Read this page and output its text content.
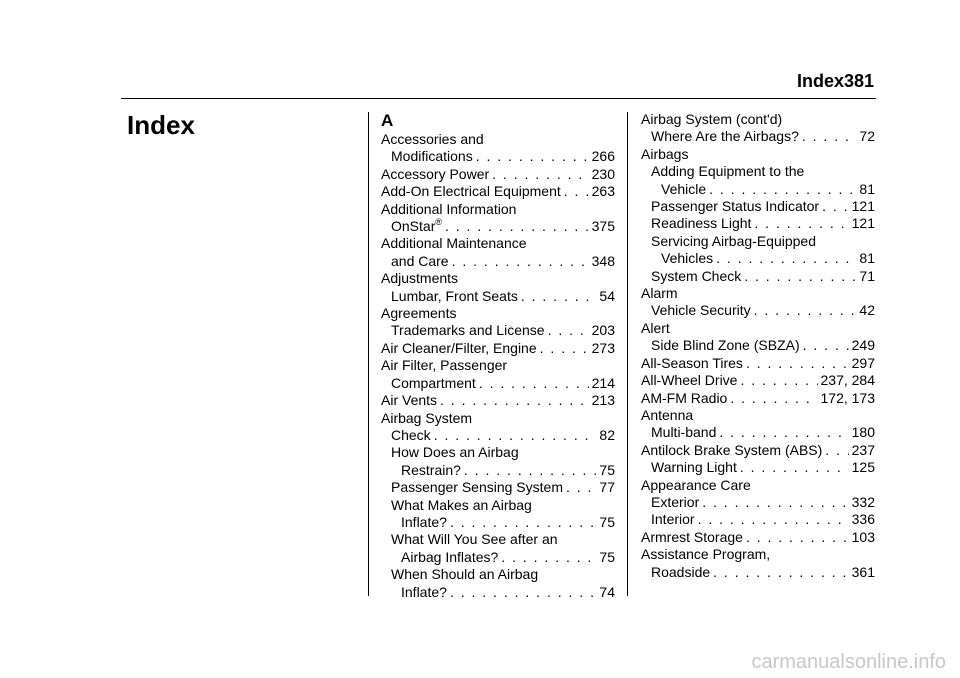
Index 381
Index	A
Accessories and
Modifications . . .	266
Accessory Power . . .	230
Add-On Electrical Equipment . . . 263
Additional Information
OnStar® . . .	375
Additional Maintenance
and Care . . .	348
Adjustments
Lumbar, Front Seats . . .	54
Agreements
Trademarks and License . . .	203
Air Cleaner/Filter, Engine . . .	273
Air Filter, Passenger
Compartment . . .	214
Air Vents . . .	213
Airbag System
Check . . .	82
How Does an Airbag
Restrain? . . .	75
Passenger Sensing System . . .	77
What Makes an Airbag
Inflate? . . .	75
What Will You See after an
Airbag Inflates? . . .	75
When Should an Airbag
Inflate? . . .	74
Airbag System (cont'd)
Where Are the Airbags? . . .	72
Airbags
Adding Equipment to the
Vehicle . . .	81
Passenger Status Indicator . . . 121
Readiness Light . . .	121
Servicing Airbag-Equipped
Vehicles . . .	81
System Check . . .	71
Alarm
Vehicle Security . . .	42
Alert
Side Blind Zone (SBZA) . . .	249
All-Season Tires . . .	297
All-Wheel Drive . . .	237, 284
AM-FM Radio . . .	172, 173
Antenna
Multi-band . . .	180
Antilock Brake System (ABS) . . . 237
Warning Light . . .	125
Appearance Care
Exterior . . .	332
Interior . . .	336
Armrest Storage . . .	103
Assistance Program,
Roadside . . .	361
carmanualsonline.info
